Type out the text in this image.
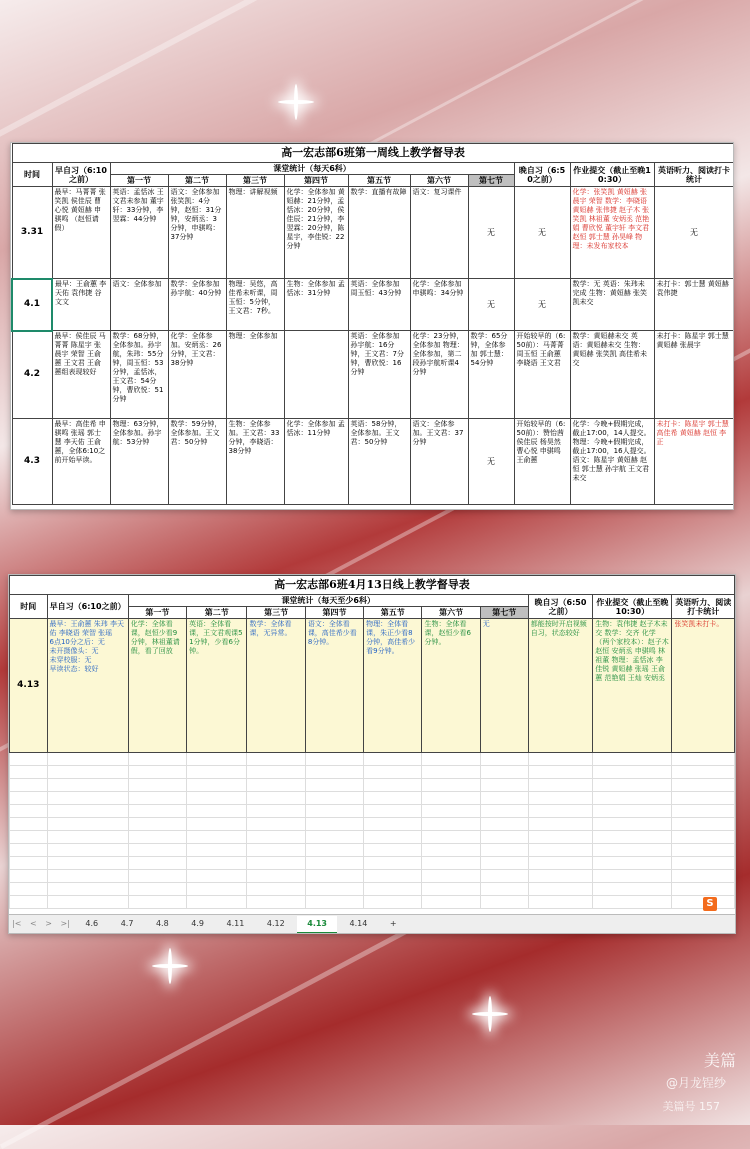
高一宏志部6班第一周线上教学督导表											
时间	早自习（6:10之前）	课堂统计（每天6科）							晚自习（6:50之前）	作业提交（截止至晚10:30）	英语听力、阅读打卡统计
		第一节	第二节	第三节	第四节	第五节	第六节	第七节			
3.31	最早：马菁菁 张笑凯 侯佳辰 曹心悦 黄姮赫 申骐鸣 （赵恒请假）	英语：孟恬冰 王文君未参加 董宇轩：33分钟，李翌霖：44分钟	语文：全体参加 张笑凯：4分钟，赵恒：31分钟，安炳丞：3分钟，申骐鸣：37分钟	物理：讲解视频	化学：全体参加 黄姮赫：21分钟，孟恬冰：20分钟，侯佳辰：21分钟，李翌霖：20分钟，陈星宇，李佳锐：22分钟	数学：直播有故障	语文：复习课件	无	无	化学：张笑凯 黄姮赫 张晨宇 荣智 数学：李晓语 黄姮赫 张伟捷 赵子木 张笑凯 林祖董 安炳丞 范艳娟 曹欣悦 董宇轩 李文君 赵恒 郭士慧 孙昊峰 物理：未发布家校本	无
4.1	最早：王俞蕙 李天佑 袁伟捷 谷文文	语文：全体参加	数学：全体参加 孙宇航：40分钟	物理：吴悠，高佳希未听课，周玉恒：5分钟，王文君：7秒。	生物：全体参加 孟恬冰：31分钟	英语：全体参加 周玉恒：43分钟	化学：全体参加 申骐鸣：34分钟	无	无	数学：无 英语：朱玮未完成 生物：黄姮赫 张笑凯未交	未打卡：郭士慧 黄姮赫 袁伟捷
4.2	最早：侯佳辰 马菁菁 陈星宇 张晨宇 荣智 王俞蕙 王文君 王俞蕙组表现较好	数学：68分钟，全体参加。孙宇航，朱玮：55分钟，周玉恒：53分钟，孟恬冰，王文君：54分钟，曹欣悦：51分钟	化学：全体参加。安炳丞：26分钟，王文君：38分钟	物理：全体参加		英语：全体参加 孙宇航：16分钟，王文君：7分钟，曹欣悦：16分钟	化学：23分钟，全体参加 物理：全体参加，第二段孙宇航听课4分钟	数学：65分钟，全体参加 郭士慧：54分钟	开始较早的（6:50前）：马菁菁 周玉恒 王俞蕙 李晓语 王文君	数学：黄姮赫未交 英语：黄姮赫未交 生物：黄姮赫 张笑凯 高佳希未交	未打卡：陈星宇 郭士慧 黄姮赫 张晨宇
4.3	最早：高佳希 申骐鸣 张瑶 郭士慧 李天佑 王俞蕙，全体6:10之前开始早读。	物理：63分钟，全体参加。孙宇航：53分钟	数学：59分钟，全体参加。王文君：50分钟	生物：全体参加。王文君：33分钟，李晓语：38分钟	化学：全体参加 孟恬冰：11分钟	英语：58分钟，全体参加。王文君：50分钟	语文：全体参加。王文君：37分钟	无	开始较早的（6:50前）：赞怡茜 侯佳辰 杨昊然 曹心悦 申骐鸣 王俞蕙	化学：今晚+假期完成，截止17:00，14人提交。物理：今晚+假期完成，截止17:00，16人提交。语文：陈星宇 黄姮赫 赵恒 郭士慧 孙宇航 王文君未交	未打卡：陈星宇 郭士慧 高佳希 黄姮赫 赵恒 李正
高一宏志部6班4月13日线上教学督导表											
时间	早自习（6:10之前）	课堂统计（每天至少6科）							晚自习（6:50之前）	作业提交（截止至晚10:30）	英语听力、阅读打卡统计
		第一节	第二节	第三节	第四节	第五节	第六节	第七节			
4.13	最早：王俞蕙 朱玮 李天佑 李晓语 荣智 张瑶
6点10分之后：无
未开摄像头：无
未穿校服：无
早读状态：较好	化学：全体看课，赵恒少看9分钟，林祖董请假，看了回放	英语：全体看课，王文君观课51分钟，少看6分钟。	数学：全体看课，无异常。	语文：全体看课，高佳希少看8分钟。	物理：全体看课，朱正少看8分钟，高佳希少看9分钟。	生物：全体看课，赵恒少看6分钟。	无	都能按时开启视频自习，状态较好	生物：袁伟捷 赵子木未交 数学：交齐 化学（两个家校本）：赵子木 赵恒 安炳丞 申骐鸣 林祖董 物理：孟恬冰 李佳锐 黄姮赫 张瑶 王俞蕙 范艳娟 王灿 安炳丞	张笑凯未打卡。

S
|< < > >| 4.6	4.7	4.8	4.9	4.11	4.12	4.13	4.14	+
美篇
@月龙锃纱
美篇号 157
